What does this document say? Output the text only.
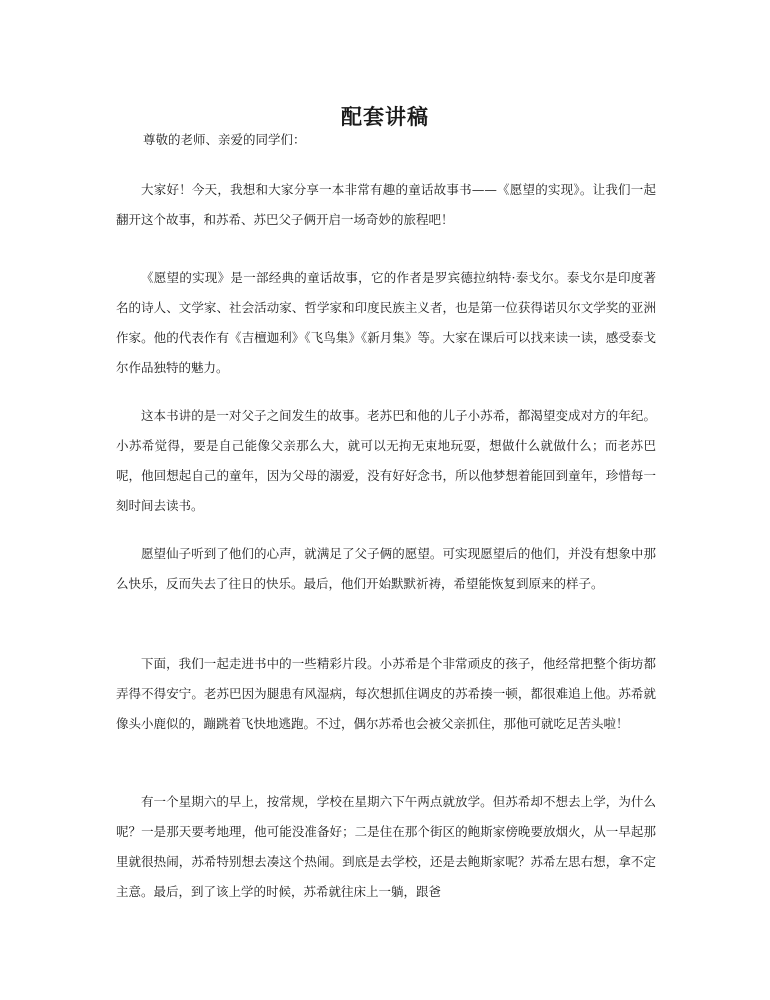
配套讲稿

尊敬的老师、亲爱的同学们：

大家好！今天，我想和大家分享一本非常有趣的童话故事书——《愿望的实现》。让我们一起翻开这个故事，和苏希、苏巴父子俩开启一场奇妙的旅程吧！

《愿望的实现》是一部经典的童话故事，它的作者是罗宾德拉纳特·泰戈尔。泰戈尔是印度著名的诗人、文学家、社会活动家、哲学家和印度民族主义者，也是第一位获得诺贝尔文学奖的亚洲作家。他的代表作有《吉檀迦利》《飞鸟集》《新月集》等。大家在课后可以找来读一读，感受泰戈尔作品独特的魅力。

这本书讲的是一对父子之间发生的故事。老苏巴和他的儿子小苏希，都渴望变成对方的年纪。小苏希觉得，要是自己能像父亲那么大，就可以无拘无束地玩耍，想做什么就做什么；而老苏巴呢，他回想起自己的童年，因为父母的溺爱，没有好好念书，所以他梦想着能回到童年，珍惜每一刻时间去读书。

愿望仙子听到了他们的心声，就满足了父子俩的愿望。可实现愿望后的他们，并没有想象中那么快乐，反而失去了往日的快乐。最后，他们开始默默祈祷，希望能恢复到原来的样子。

下面，我们一起走进书中的一些精彩片段。小苏希是个非常顽皮的孩子，他经常把整个街坊都弄得不得安宁。老苏巴因为腿患有风湿病，每次想抓住调皮的苏希揍一顿，都很难追上他。苏希就像头小鹿似的，蹦跳着飞快地逃跑。不过，偶尔苏希也会被父亲抓住，那他可就吃足苦头啦！

有一个星期六的早上，按常规，学校在星期六下午两点就放学。但苏希却不想去上学，为什么呢？一是那天要考地理，他可能没准备好；二是住在那个街区的鲍斯家傍晚要放烟火，从一早起那里就很热闹，苏希特别想去凑这个热闹。到底是去学校，还是去鲍斯家呢？苏希左思右想，拿不定主意。最后，到了该上学的时候，苏希就往床上一躺，跟爸
